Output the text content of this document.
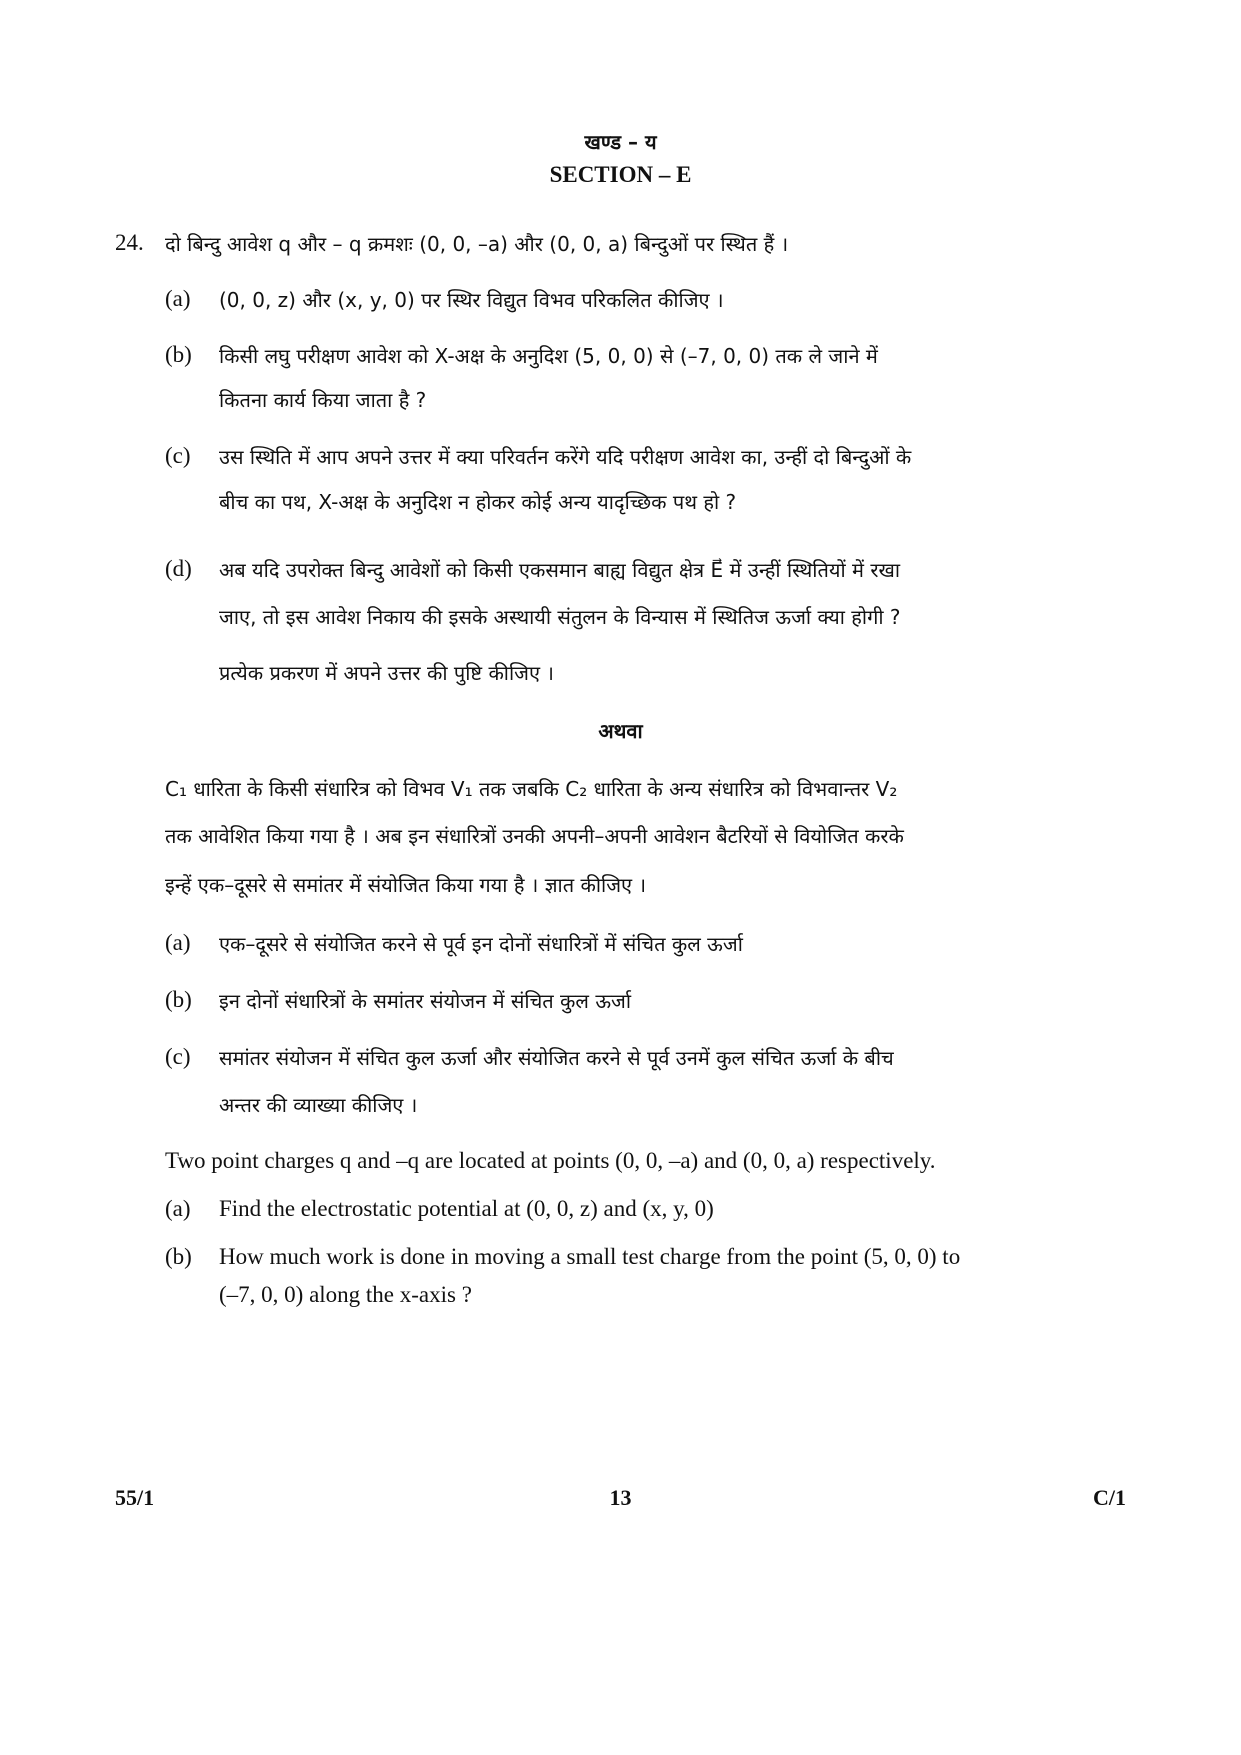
खण्ड – य
SECTION – E
24. दो बिन्दु आवेश q और – q क्रमशः (0, 0, –a) और (0, 0, a) बिन्दुओं पर स्थित हैं ।
(a) (0, 0, z) और (x, y, 0) पर स्थिर विद्युत विभव परिकलित कीजिए ।
(b) किसी लघु परीक्षण आवेश को X-अक्ष के अनुदिश (5, 0, 0) से (–7, 0, 0) तक ले जाने में
कितना कार्य किया जाता है ?
(c) उस स्थिति में आप अपने उत्तर में क्या परिवर्तन करेंगे यदि परीक्षण आवेश का, उन्हीं दो बिन्दुओं के
बीच का पथ, X-अक्ष के अनुदिश न होकर कोई अन्य यादृच्छिक पथ हो ?
(d) अब यदि उपरोक्त बिन्दु आवेशों को किसी एकसमान बाह्य विद्युत क्षेत्र E⃗ में उन्हीं स्थितियों में रखा
जाए, तो इस आवेश निकाय की इसके अस्थायी संतुलन के विन्यास में स्थितिज ऊर्जा क्या होगी ?
प्रत्येक प्रकरण में अपने उत्तर की पुष्टि कीजिए ।
अथवा
C₁ धारिता के किसी संधारित्र को विभव V₁ तक जबकि C₂ धारिता के अन्य संधारित्र को विभवान्तर V₂
तक आवेशित किया गया है । अब इन संधारित्रों उनकी अपनी–अपनी आवेशन बैटरियों से वियोजित करके
इन्हें एक–दूसरे से समांतर में संयोजित किया गया है । ज्ञात कीजिए ।
(a) एक–दूसरे से संयोजित करने से पूर्व इन दोनों संधारित्रों में संचित कुल ऊर्जा
(b) इन दोनों संधारित्रों के समांतर संयोजन में संचित कुल ऊर्जा
(c) समांतर संयोजन में संचित कुल ऊर्जा और संयोजित करने से पूर्व उनमें कुल संचित ऊर्जा के बीच
अन्तर की व्याख्या कीजिए ।
Two point charges q and –q are located at points (0, 0, –a) and (0, 0, a) respectively.
(a) Find the electrostatic potential at (0, 0, z) and (x, y, 0)
(b) How much work is done in moving a small test charge from the point (5, 0, 0) to
(–7, 0, 0) along the x-axis ?
55/1	13	C/1
